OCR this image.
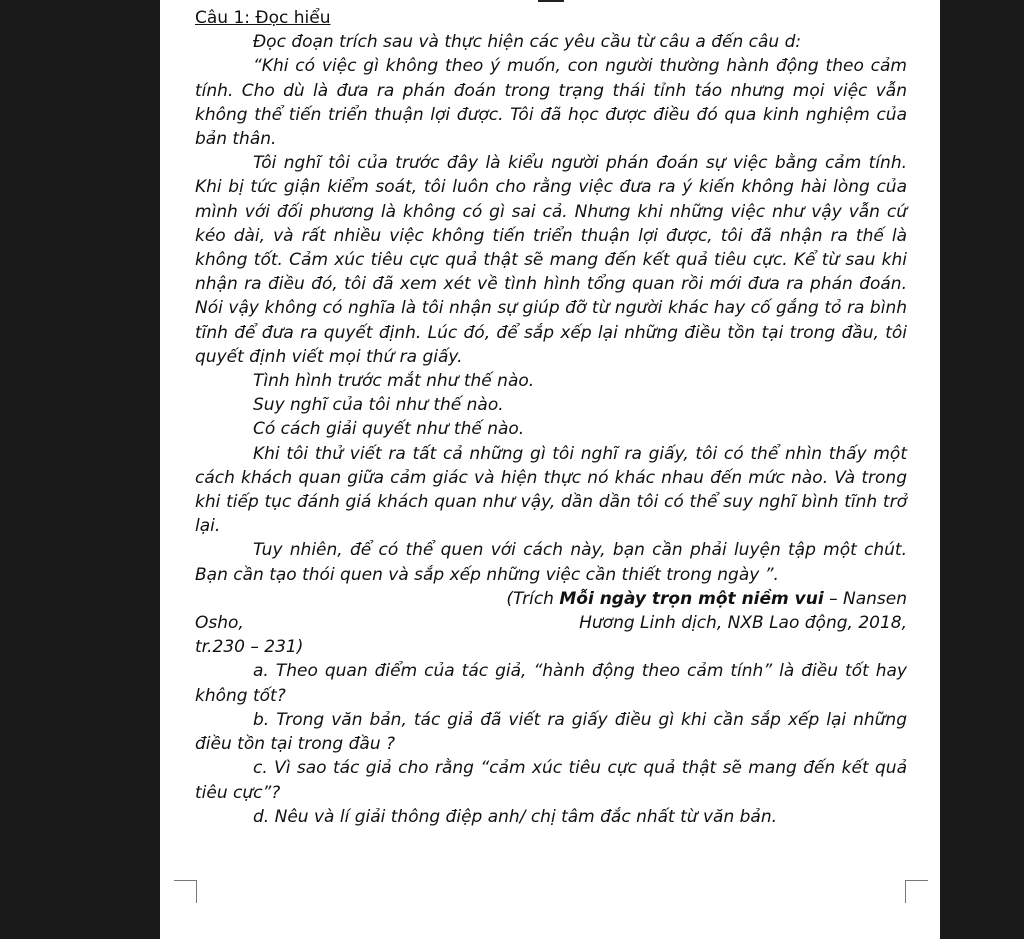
Câu 1: Đọc hiểu

Đọc đoạn trích sau và thực hiện các yêu cầu từ câu a đến câu d:

“Khi có việc gì không theo ý muốn, con người thường hành động theo cảm tính. Cho dù là đưa ra phán đoán trong trạng thái tỉnh táo nhưng mọi việc vẫn không thể tiến triển thuận lợi được. Tôi đã học được điều đó qua kinh nghiệm của bản thân.

Tôi nghĩ tôi của trước đây là kiểu người phán đoán sự việc bằng cảm tính. Khi bị tức giận kiểm soát, tôi luôn cho rằng việc đưa ra ý kiến không hài lòng của mình với đối phương là không có gì sai cả. Nhưng khi những việc như vậy vẫn cứ kéo dài, và rất nhiều việc không tiến triển thuận lợi được, tôi đã nhận ra thế là không tốt. Cảm xúc tiêu cực quả thật sẽ mang đến kết quả tiêu cực. Kể từ sau khi nhận ra điều đó, tôi đã xem xét về tình hình tổng quan rồi mới đưa ra phán đoán. Nói vậy không có nghĩa là tôi nhận sự giúp đỡ từ người khác hay cố gắng tỏ ra bình tĩnh để đưa ra quyết định. Lúc đó, để sắp xếp lại những điều tồn tại trong đầu, tôi quyết định viết mọi thứ ra giấy.

Tình hình trước mắt như thế nào.

Suy nghĩ của tôi như thế nào.

Có cách giải quyết như thế nào.

Khi tôi thử viết ra tất cả những gì tôi nghĩ ra giấy, tôi có thể nhìn thấy một cách khách quan giữa cảm giác và hiện thực nó khác nhau đến mức nào. Và trong khi tiếp tục đánh giá khách quan như vậy, dần dần tôi có thể suy nghĩ bình tĩnh trở lại.

Tuy nhiên, để có thể quen với cách này, bạn cần phải luyện tập một chút. Bạn cần tạo thói quen và sắp xếp những việc cần thiết trong ngày ”.

(Trích Mỗi ngày trọn một niềm vui – Nansen

Osho,	Hương Linh dịch, NXB Lao động, 2018,

tr.230 – 231)

a. Theo quan điểm của tác giả, “hành động theo cảm tính” là điều tốt hay không tốt?

b. Trong văn bản, tác giả đã viết ra giấy điều gì khi cần sắp xếp lại những điều tồn tại trong đầu ?

c. Vì sao tác giả cho rằng “cảm xúc tiêu cực quả thật sẽ mang đến kết quả tiêu cực”?

d. Nêu và lí giải thông điệp anh/ chị tâm đắc nhất từ văn bản.
